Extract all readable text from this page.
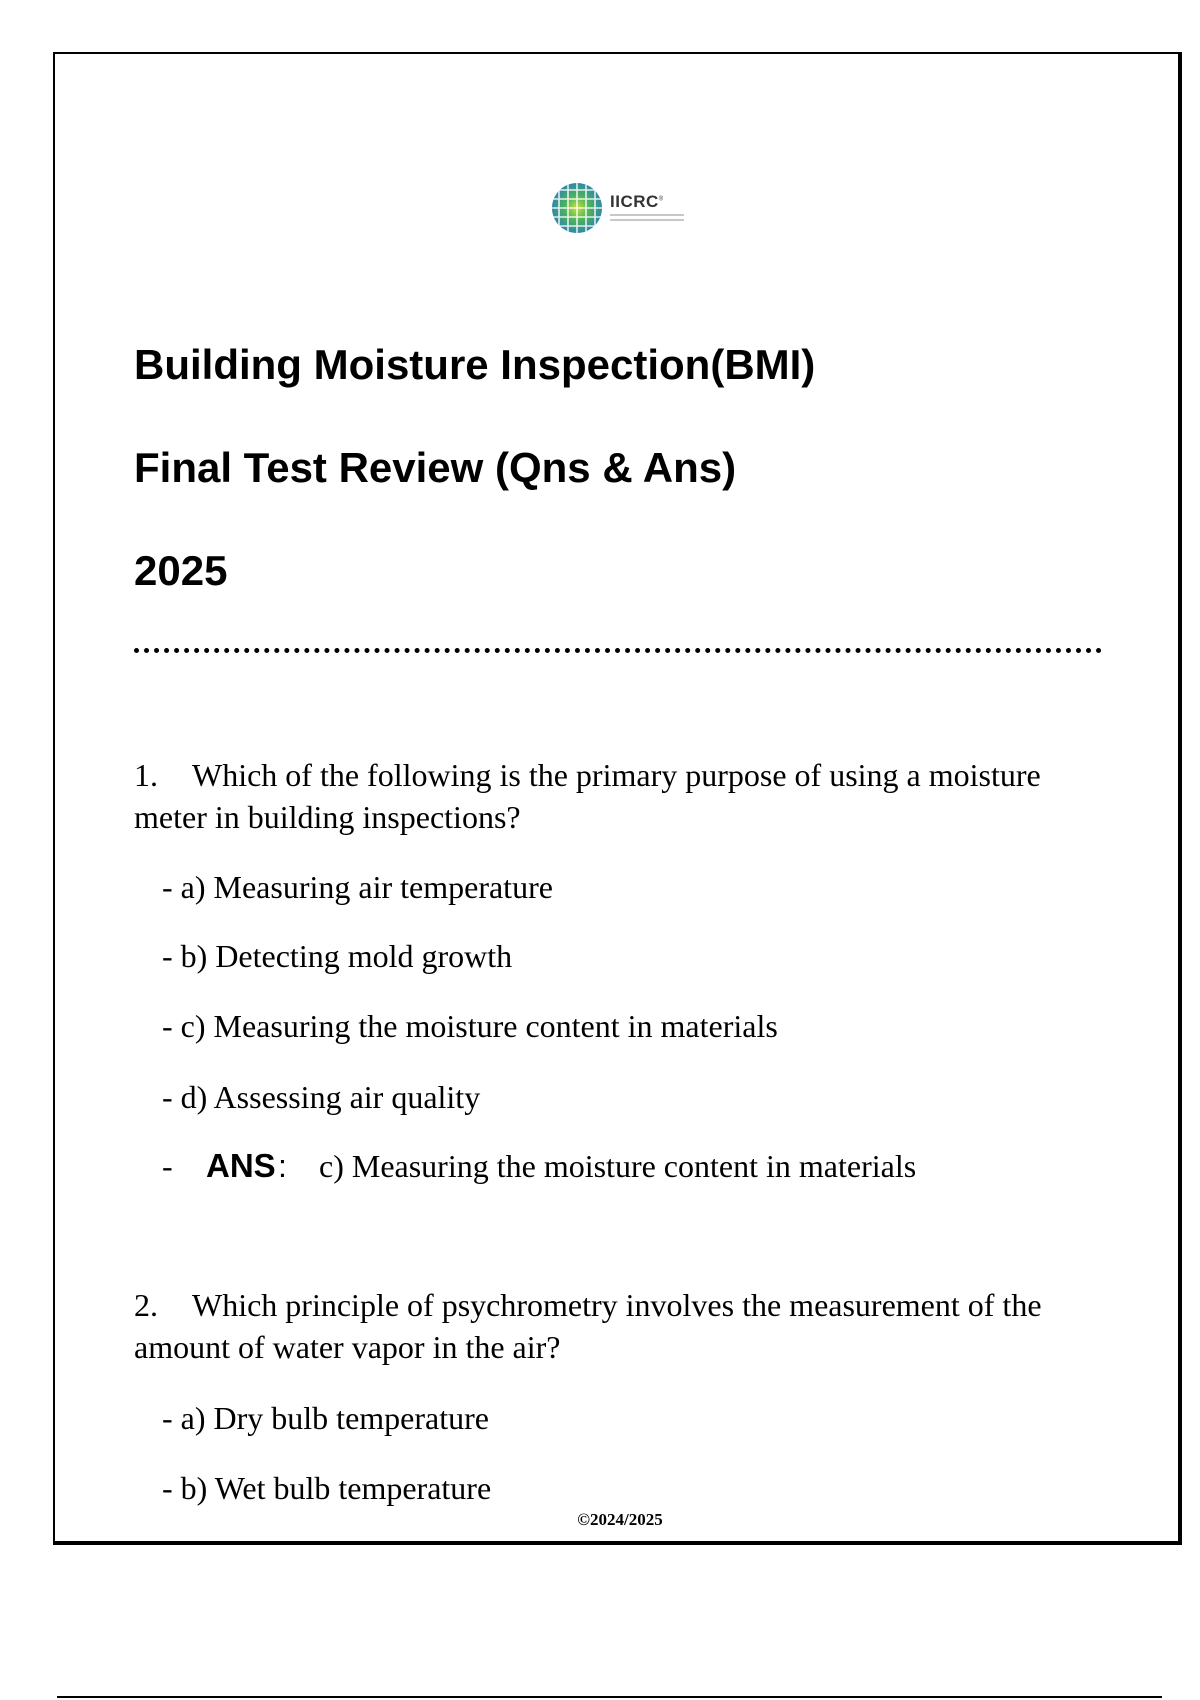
IICRC®
Building Moisture Inspection(BMI)
Final Test Review (Qns & Ans)
2025

1. Which of the following is the primary purpose of using a moisture meter in building inspections?

- a) Measuring air temperature

- b) Detecting mold growth

- c) Measuring the moisture content in materials

- d) Assessing air quality

- ANS : c) Measuring the moisture content in materials

2. Which principle of psychrometry involves the measurement of the amount of water vapor in the air?

- a) Dry bulb temperature

- b) Wet bulb temperature

©2024/2025
